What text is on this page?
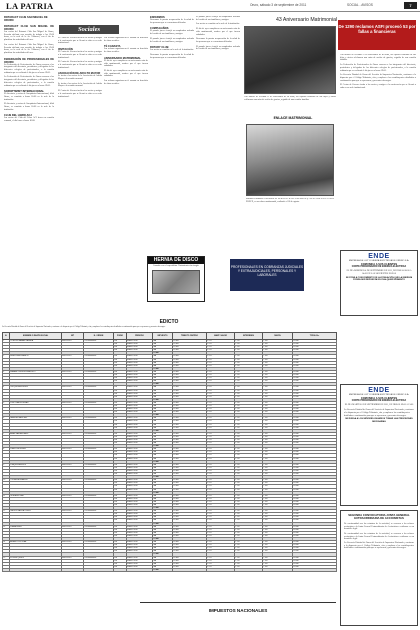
LA PATRIA	Oruro, sábado 3 de septiembre de 2011	SOCIAL - AVISOS	7
ROTARACT CLUB SAN MIGUEL DE ORURO
Sociales
ROTARACT CLUB SAN MIGUEL DE ORURO

Las socias del Rotaract Club San Miguel de Oruro, llevarán adelante una reunión de trabajo a las 19:00 horas, en la sede de la Av. Villarroel, con el fin de planificar las actividades del mes.

Las socias del Rotaract Club San Miguel de Oruro, llevarán adelante una reunión de trabajo a las 19:00 horas, en la sede de la Av. Villarroel, con el fin de planificar las actividades del mes.

FEDERACIÓN DE PROFESIONALES DE ORURO

La Federación de Profesionales de Oruro convoca a los integrantes del directorio, presidentes y delegados de los diferentes colegios de profesionales, a la reunión ordinaria que se realizará el día jueves a horas 19:00.

La Federación de Profesionales de Oruro convoca a los integrantes del directorio, presidentes y delegados de los diferentes colegios de profesionales, a la reunión ordinaria que se realizará el día jueves a horas 19:00.

SOROPTIMIST INTERNACIONAL

El directorio y socias de Soroptimist Internacional, filial Oruro, se reunirán a horas 16:00 en la sede de la institución.

El directorio y socias de Soroptimist Internacional, filial Oruro, se reunirán a horas 16:00 en la sede de la institución.

CLUB DEL LIBRO ACJ

Las socias del Club del Libro ACJ tienen su reunión semanal, el día lunes a horas 16:00.

El Centro de Jóvenes invita a los socios y amigos a la conferencia que se llevará a cabo en su sede institucional.

INVITACIÓN

El Centro de Jóvenes invita a los socios y amigos a la conferencia que se llevará a cabo en su sede institucional.

El Centro de Jóvenes invita a los socios y amigos a la conferencia que se llevará a cabo en su sede institucional.

ASOCIACIÓN DE ADULTO MAYOR

Se invita a los socios de la Asociación de Adulto Mayor a la reunión mensual.

Se invita a los socios de la Asociación de Adulto Mayor a la reunión mensual.

El Centro de Jóvenes invita a los socios y amigos a la conferencia que se llevará a cabo en su sede institucional.

Las señoras organizan un té canasta en beneficio de obras sociales.

TÉ CANASTA

Las señoras organizan un té canasta en beneficio de obras sociales.

ANIVERSARIO MATRIMONIAL

El día de ayer cumplieron un aniversario más de vida matrimonial, motivo por el que fueron saludados.

El día de ayer cumplieron un aniversario más de vida matrimonial, motivo por el que fueron saludados.

Las señoras organizan un té canasta en beneficio de obras sociales.

ENFERMOS

Deseamos la pronta recuperación de la salud de las personas que se encuentran delicadas.

CUMPLEAÑOS

El pasado jueves festejó su cumpleaños rodeado del cariño de sus familiares y amigos.

El pasado jueves festejó su cumpleaños rodeado del cariño de sus familiares y amigos.

ROTARY CLUB

Los socios se reunirán en la sede de la institución.

Deseamos la pronta recuperación de la salud de las personas que se encuentran delicadas.

El pasado jueves festejó su cumpleaños rodeado del cariño de sus familiares y amigos.

Los socios se reunirán en la sede de la institución.

El día de ayer cumplieron un aniversario más de vida matrimonial, motivo por el que fueron saludados.

Deseamos la pronta recuperación de la salud de las personas que se encuentran delicadas.

El pasado jueves festejó su cumpleaños rodeado del cariño de sus familiares y amigos.

43 Aniversario Matrimonial
Con motivo de recordar el 43 aniversario de su boda, los esposos rodeados de sus hijos y nietos celebraron una misa de acción de gracias, seguido de una reunión familiar.
ENLACE MATRIMONIAL
Muchas felicidades a los novios Sr. HERNÁN FRANCO MAMANI y CELIA INOCENCIA CRUZ PONCE, en su enlace matrimonial, realizado el 18 de agosto.
HERNIA DE DISCO
Consulte con el especialista. Tratamiento sin cirugía.	PROFESIONALES EN COBRANZAS JUDICIALES Y EXTRAJUDICIALES, PERSONALES Y LABORALES
De 1290 reclamos ASFI procesó 53 por fallas a financieras

Con motivo de recordar el 43 aniversario de su boda, los esposos rodeados de sus hijos y nietos celebraron una misa de acción de gracias, seguido de una reunión familiar.

La Federación de Profesionales de Oruro convoca a los integrantes del directorio, presidentes y delegados de los diferentes colegios de profesionales, a la reunión ordinaria que se realizará el día jueves a horas 19:00.

La Gerencia Distrital de Oruro del Servicio de Impuestos Nacionales, conforme a lo dispuesto por el Código Tributario, cita y emplaza a los contribuyentes detallados a continuación para que se apersonen y presenten descargos.

El Centro de Jóvenes invita a los socios y amigos a la conferencia que se llevará a cabo en su sede institucional.

ENDE
EMPRESA DE LUZ Y FUERZA ELÉCTRICA DE ORURO S.A.
COMUNICA A SUS CLIENTES
CORTE PROGRAMADO DE ENERGÍA ELÉCTRICA
EL DÍA DOMINGO 4 DE SEPTIEMBRE DE 2011, DE HORAS 08:00 A 14:00 EN LAS SIGUIENTES ZONAS
SE PONE A CONOCIMIENTO DE LA POBLACIÓN QUE LA ENERGÍA PODRÁ SER REPUESTA EN CUALQUIER MOMENTO
ENDE
EMPRESA DE LUZ Y FUERZA ELÉCTRICA DE ORURO S.A.
COMUNICA A SUS CLIENTES
CORTE PROGRAMADO DE ENERGÍA ELÉCTRICA
EL DÍA MARTES 6 DE SEPTIEMBRE DE 2011, DE HORAS 09:00 A 13:00
La Gerencia Distrital de Oruro del Servicio de Impuestos Nacionales, conforme a lo dispuesto por el Código Tributario, cita y emplaza a los contribuyentes detallados a continuación para que se apersonen y presenten descargos.
SE RUEGA A LOS SEÑORES USUARIOS TOMAR LAS PREVISIONES NECESARIAS
SEGUNDA CONVOCATORIA JUNTA GENERAL EXTRAORDINARIA DE ACCIONISTAS
De conformidad con los estatutos de la sociedad, se convoca a los señores accionistas a la Junta General Extraordinaria de Accionistas a realizarse en su domicilio legal.
De conformidad con los estatutos de la sociedad, se convoca a los señores accionistas a la Junta General Extraordinaria de Accionistas a realizarse en su domicilio legal.
La Gerencia Distrital de Oruro del Servicio de Impuestos Nacionales, conforme a lo dispuesto por el Código Tributario, cita y emplaza a los contribuyentes detallados a continuación para que se apersonen y presenten descargos.
EDICTO
La Gerencia Distrital de Oruro del Servicio de Impuestos Nacionales, conforme a lo dispuesto por el Código Tributario, cita y emplaza a los contribuyentes detallados a continuación para que se apersonen y presenten descargos.
Nº	NOMBRE O RAZÓN SOCIAL	NIT	Nº ORDEN	FORM.	PERIODO	IMPUESTO	TRIBUTO OMITIDO	MANT. VALOR	INTERESES	MULTA	TOTAL Bs.
1	CONDORI MAMANI DANIELA	4402251017	7911100000055	200	ENERO 2010	IVA	15.383	2.275	1.170	7.120	25.948
				200	ENERO 2010	IVA	15.383	2.275	1.170	7.120	25.948
				200	ENERO 2010	IVA	15.383	2.275	1.170	7.120	25.948
				200	ENERO 2010	IVA	15.383	2.275	1.170	7.120	25.948
						TOTAL					
2	MENDOZA ELIZABETH	4402251017	7911100000055	200	ENERO 2010	IVA	15.383	2.275	1.170	7.120	25.948
				200	ENERO 2010	IVA	15.383	2.275	1.170	7.120	25.948
				200	ENERO 2010	IVA	15.383	2.275	1.170	7.120	25.948
				200	ENERO 2010	IVA	15.383	2.275	1.170	7.120	25.948
						TOTAL					
3	MAMANI CESPEDES MARCELO	4402251017	7911100000055	200	ENERO 2010	IVA	15.383	2.275	1.170	7.120	25.948
				200	ENERO 2010	IVA	15.383	2.275	1.170	7.120	25.948
				200	ENERO 2010	IVA	15.383	2.275	1.170	7.120	25.948
				200	ENERO 2010	IVA	15.383	2.275	1.170	7.120	25.948
						TOTAL					
4	CHOQUE MERCEDES	4402251017	7911100000055	200	ENERO 2010	IVA	15.383	2.275	1.170	7.120	25.948
				200	ENERO 2010	IVA	15.383	2.275	1.170	7.120	25.948
				200	ENERO 2010	IVA	15.383	2.275	1.170	7.120	25.948
				200	ENERO 2010	IVA	15.383	2.275	1.170	7.120	25.948
						TOTAL					
5	LUIS CIRALLES BRIAN	4402251017	7911100000055	200	ENERO 2010	IVA	15.383	2.275	1.170	7.120	25.948
				200	ENERO 2010	IVA	15.383	2.275	1.170	7.120	25.948
				200	ENERO 2010	IVA	15.383	2.275	1.170	7.120	25.948
				200	ENERO 2010	IVA	15.383	2.275	1.170	7.120	25.948
						TOTAL					
6	PAREDES MARTINEZ	4402251017	7911100000055	200	ENERO 2010	IVA	15.383	2.275	1.170	7.120	25.948
				200	ENERO 2010	IVA	15.383	2.275	1.170	7.120	25.948
				200	ENERO 2010	IVA	15.383	2.275	1.170	7.120	25.948
				200	ENERO 2010	IVA	15.383	2.275	1.170	7.120	25.948
						TOTAL					
7	ARIAS VARGAS DAVID	4402251017	7911100000055	200	ENERO 2010	IVA	15.383	2.275	1.170	7.120	25.948
				200	ENERO 2010	IVA	15.383	2.275	1.170	7.120	25.948
				200	ENERO 2010	IVA	15.383	2.275	1.170	7.120	25.948
				200	ENERO 2010	IVA	15.383	2.275	1.170	7.120	25.948
						TOTAL					
8	JUAN JOSE NUÑEZ	4402251017	7911100000055	200	ENERO 2010	IVA	15.383	2.275	1.170	7.120	25.948
				200	ENERO 2010	IVA	15.383	2.275	1.170	7.120	25.948
				200	ENERO 2010	IVA	15.383	2.275	1.170	7.120	25.948
				200	ENERO 2010	IVA	15.383	2.275	1.170	7.120	25.948
						TOTAL					
9	JOAQUIN BERRIOS	4402251017	7911100000055	200	ENERO 2010	IVA	15.383	2.275	1.170	7.120	25.948
				200	ENERO 2010	IVA	15.383	2.275	1.170	7.120	25.948
				200	ENERO 2010	IVA	15.383	2.275	1.170	7.120	25.948
				200	ENERO 2010	IVA	15.383	2.275	1.170	7.120	25.948
						TOTAL					
10	TORRES ALEJANDRO	4402251017	7911100000055	200	ENERO 2010	IVA	15.383	2.275	1.170	7.120	25.948
				200	ENERO 2010	IVA	15.383	2.275	1.170	7.120	25.948
				200	ENERO 2010	IVA	15.383	2.275	1.170	7.120	25.948
				200	ENERO 2010	IVA	15.383	2.275	1.170	7.120	25.948
						TOTAL					
11	GONZALES DIAZ	4402251017	7911100000055	200	ENERO 2010	IVA	15.383	2.275	1.170	7.120	25.948
				200	ENERO 2010	IVA	15.383	2.275	1.170	7.120	25.948
				200	ENERO 2010	IVA	15.383	2.275	1.170	7.120	25.948
				200	ENERO 2010	IVA	15.383	2.275	1.170	7.120	25.948
						TOTAL					
12	CARLOS GARCIA CIRLES	4402251017	7911100000055	200	ENERO 2010	IVA	15.383	2.275	1.170	7.120	25.948
				200	ENERO 2010	IVA	15.383	2.275	1.170	7.120	25.948
				200	ENERO 2010	IVA	15.383	2.275	1.170	7.120	25.948
				200	ENERO 2010	IVA	15.383	2.275	1.170	7.120	25.948
						TOTAL					
13	JUANA PEREZ	4402251017	7911100000055	200	ENERO 2010	IVA	15.383	2.275	1.170	7.120	25.948
				200	ENERO 2010	IVA	15.383	2.275	1.170	7.120	25.948
				200	ENERO 2010	IVA	15.383	2.275	1.170	7.120	25.948
				200	ENERO 2010	IVA	15.383	2.275	1.170	7.120	25.948
						TOTAL					
14	ALVARO PORTUGAL	4402251017	7911100000055	200	ENERO 2010	IVA	15.383	2.275	1.170	7.120	25.948
				200	ENERO 2010	IVA	15.383	2.275	1.170	7.120	25.948
				200	ENERO 2010	IVA	15.383	2.275	1.170	7.120	25.948
				200	ENERO 2010	IVA	15.383	2.275	1.170	7.120	25.948
						TOTAL					
15	FLORES QUISPE	4402251017	7911100000055	200	ENERO 2010	IVA	15.383	2.275	1.170	7.120	25.948
				200	ENERO 2010	IVA	15.383	2.275	1.170	7.120	25.948
				200	ENERO 2010	IVA	15.383	2.275	1.170	7.120	25.948
				200	ENERO 2010	IVA	15.383	2.275	1.170	7.120	25.948
						TOTAL					
IMPUESTOS NACIONALES
